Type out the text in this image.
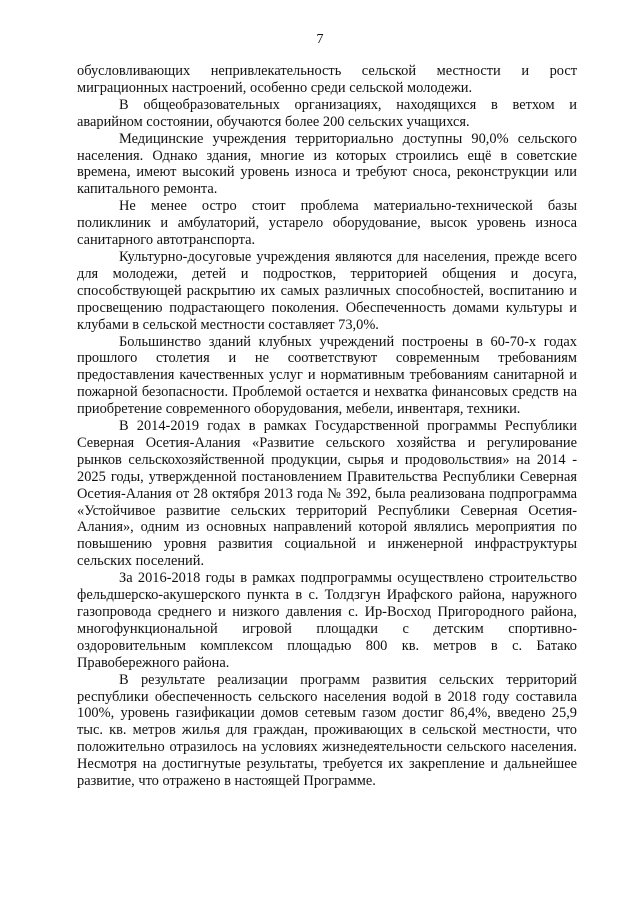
7

обусловливающих непривлекательность сельской местности и рост миграционных настроений, особенно среди сельской молодежи.

В общеобразовательных организациях, находящихся в ветхом и аварийном состоянии, обучаются более 200 сельских учащихся.

Медицинские учреждения территориально доступны 90,0% сельского населения. Однако здания, многие из которых строились ещё в советские времена, имеют высокий уровень износа и требуют сноса, реконструкции или капитального ремонта.

Не менее остро стоит проблема материально-технической базы поликлиник и амбулаторий, устарело оборудование, высок уровень износа санитарного автотранспорта.

Культурно-досуговые учреждения являются для населения, прежде всего для молодежи, детей и подростков, территорией общения и досуга, способствующей раскрытию их самых различных способностей, воспитанию и просвещению подрастающего поколения. Обеспеченность домами культуры и клубами в сельской местности составляет 73,0%.

Большинство зданий клубных учреждений построены в 60-70-х годах прошлого столетия и не соответствуют современным требованиям предоставления качественных услуг и нормативным требованиям санитарной и пожарной безопасности. Проблемой остается и нехватка финансовых средств на приобретение современного оборудования, мебели, инвентаря, техники.

В 2014-2019 годах в рамках Государственной программы Республики Северная Осетия-Алания «Развитие сельского хозяйства и регулирование рынков сельскохозяйственной продукции, сырья и продовольствия» на 2014 - 2025 годы, утвержденной постановлением Правительства Республики Северная Осетия-Алания от 28 октября 2013 года № 392, была реализована подпрограмма «Устойчивое развитие сельских территорий Республики Северная Осетия-Алания», одним из основных направлений которой являлись мероприятия по повышению уровня развития социальной и инженерной инфраструктуры сельских поселений.

За 2016-2018 годы в рамках подпрограммы осуществлено строительство фельдшерско-акушерского пункта в с. Толдзгун Ирафского района, наружного газопровода среднего и низкого давления с. Ир-Восход Пригородного района, многофункциональной игровой площадки с детским спортивно-оздоровительным комплексом площадью 800 кв. метров в с. Батако Правобережного района.

В результате реализации программ развития сельских территорий республики обеспеченность сельского населения водой в 2018 году составила 100%, уровень газификации домов сетевым газом достиг 86,4%, введено 25,9 тыс. кв. метров жилья для граждан, проживающих в сельской местности, что положительно отразилось на условиях жизнедеятельности сельского населения. Несмотря на достигнутые результаты, требуется их закрепление и дальнейшее развитие, что отражено в настоящей Программе.
